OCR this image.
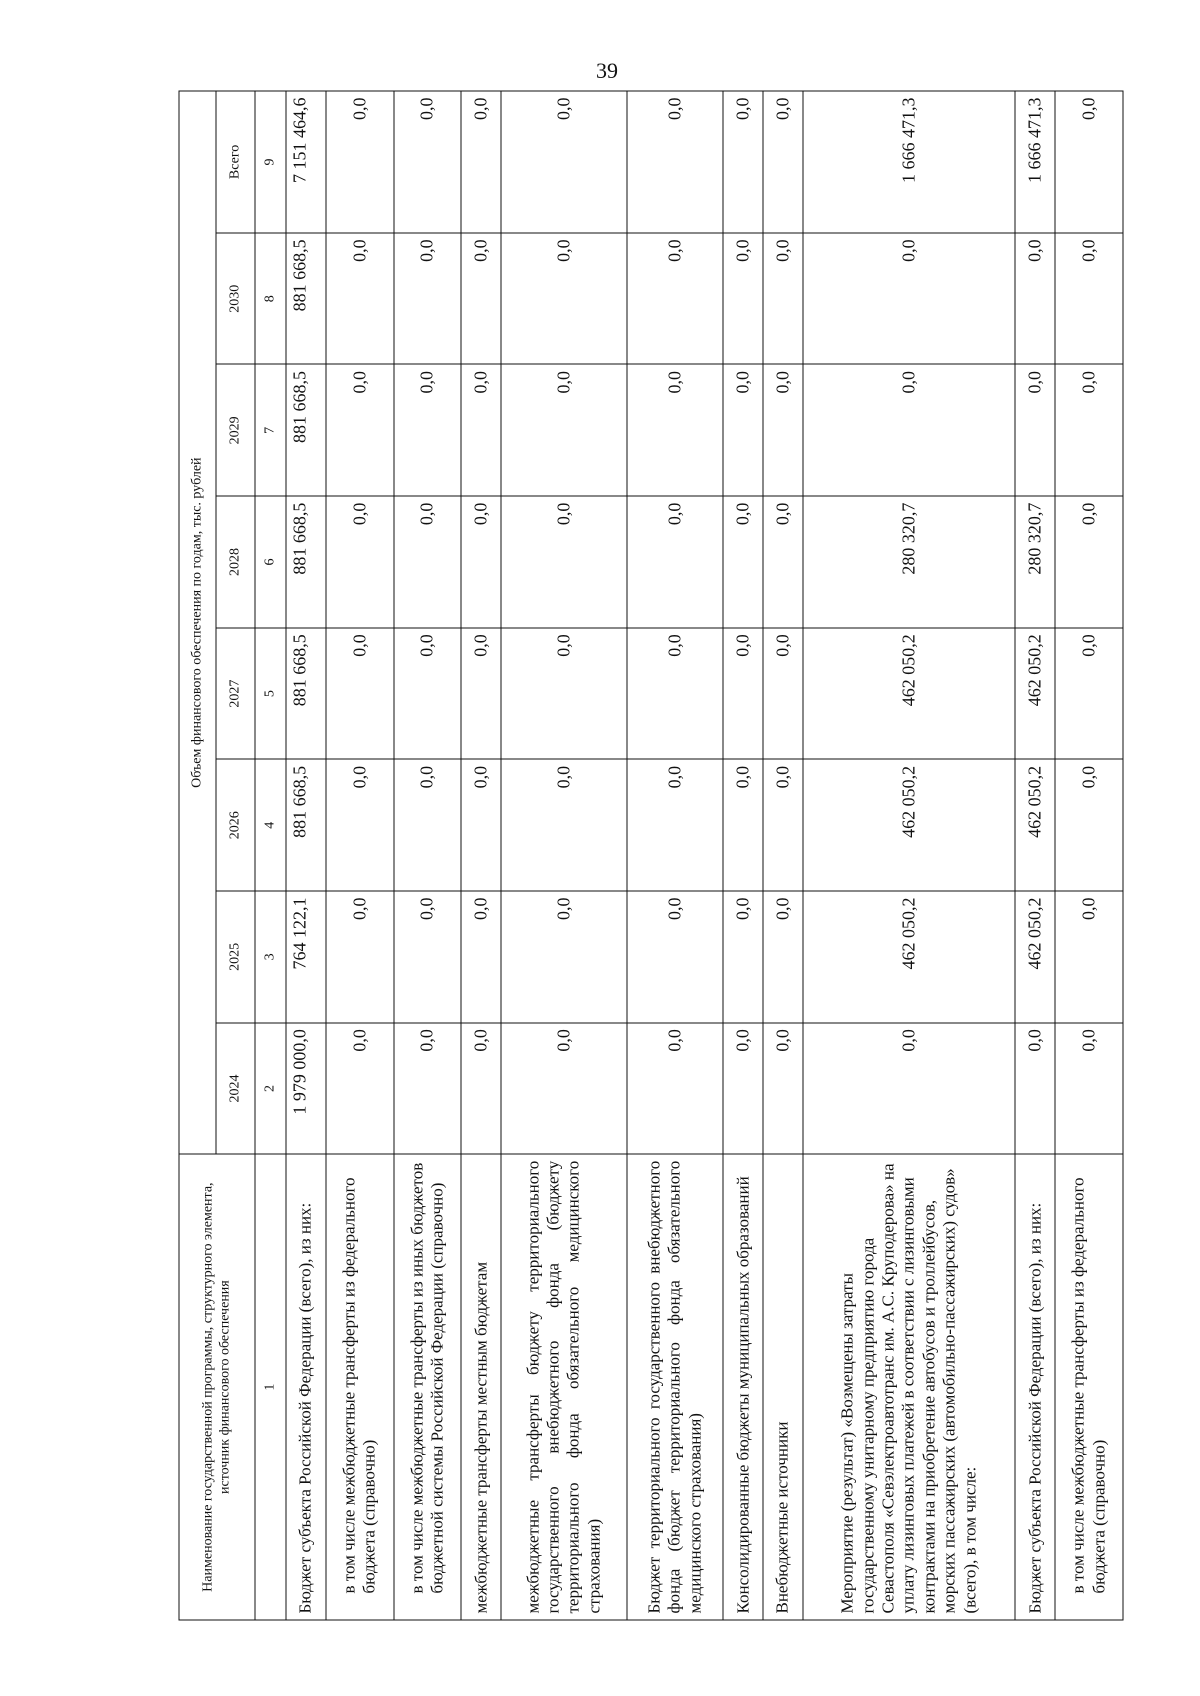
39
Наименование государственной программы, структурного элемента, источник финансового обеспечения	Объем финансового обеспечения по годам, тыс. рублей							
	2024	2025	2026	2027	2028	2029	2030	Всего
1	2	3	4	5	6	7	8	9
Бюджет субъекта Российской Федерации (всего), из них:	1 979 000,0	764 122,1	881 668,5	881 668,5	881 668,5	881 668,5	881 668,5	7 151 464,6
в том числе межбюджетные трансферты из федерального бюджета (справочно)	0,0	0,0	0,0	0,0	0,0	0,0	0,0	0,0
в том числе межбюджетные трансферты из иных бюджетов бюджетной системы Российской Федерации (справочно)	0,0	0,0	0,0	0,0	0,0	0,0	0,0	0,0
межбюджетные трансферты местным бюджетам	0,0	0,0	0,0	0,0	0,0	0,0	0,0	0,0
межбюджетные трансферты бюджету территориального государственного внебюджетного фонда (бюджету территориального фонда обязательного медицинского страхования)	0,0	0,0	0,0	0,0	0,0	0,0	0,0	0,0
Бюджет территориального государственного внебюджетного фонда (бюджет территориального фонда обязательного медицинского страхования)	0,0	0,0	0,0	0,0	0,0	0,0	0,0	0,0
Консолидированные бюджеты муниципальных образований	0,0	0,0	0,0	0,0	0,0	0,0	0,0	0,0
Внебюджетные источники	0,0	0,0	0,0	0,0	0,0	0,0	0,0	0,0
Мероприятие (результат) «Возмещены затраты государственному унитарному предприятию города Севастополя «Севэлектроавтотранс им. А.С. Круподерова» на уплату лизинговых платежей в соответствии с лизинговыми контрактами на приобретение автобусов и троллейбусов, морских пассажирских (автомобильно-пассажирских) судов» (всего), в том числе:	0,0	462 050,2	462 050,2	462 050,2	280 320,7	0,0	0,0	1 666 471,3
Бюджет субъекта Российской Федерации (всего), из них:	0,0	462 050,2	462 050,2	462 050,2	280 320,7	0,0	0,0	1 666 471,3
в том числе межбюджетные трансферты из федерального бюджета (справочно)	0,0	0,0	0,0	0,0	0,0	0,0	0,0	0,0
